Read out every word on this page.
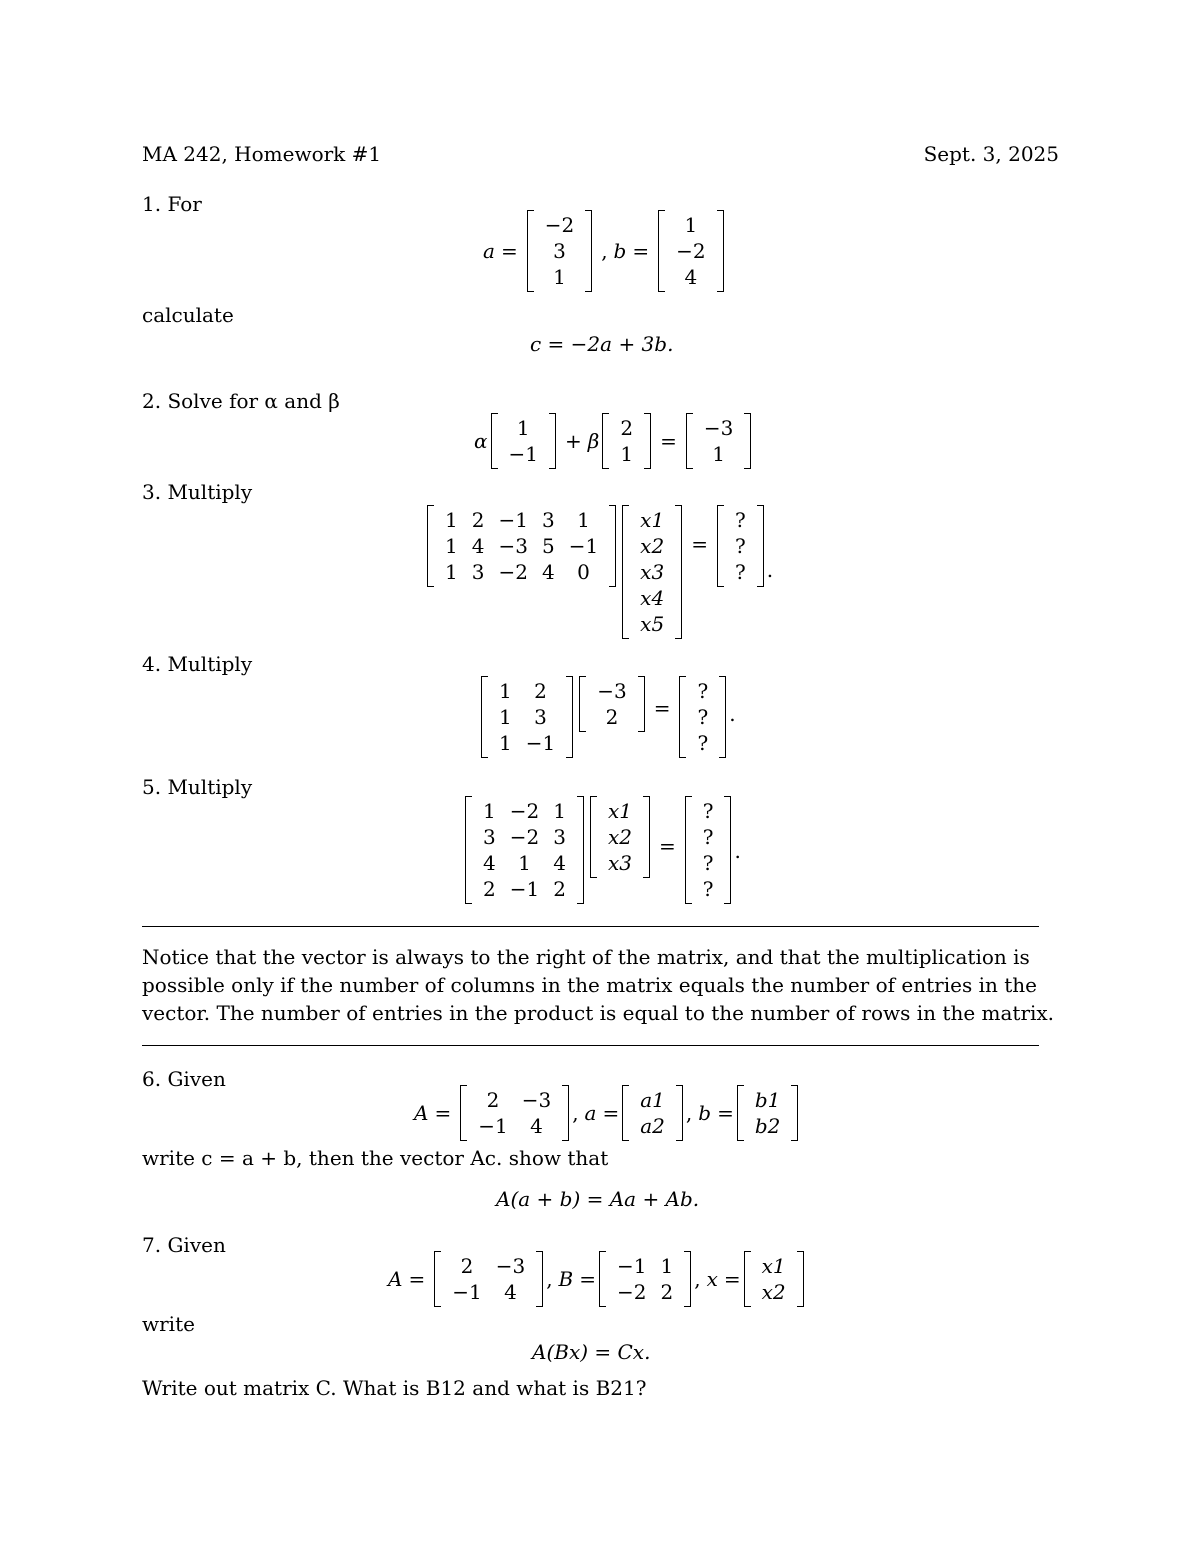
MA 242, Homework #1	Sept. 3, 2025
1. For
a =
−2
3
1
, b =
1
−2
4
calculate
c = −2a + 3b.
2. Solve for α and β
α
1
−1
+ β
2
1
=
−3
1
3. Multiply
1 2 −1 3	1
1 4 −3 5 −1
1 3 −2 4	0
x1
x2
x3
x4
x5
=
?
?
?	.
4. Multiply
1	2
1	3
1 −1
−3
2	=
?
?
?
.
5. Multiply
1 −2 1
3 −2 3
4	1	4
2 −1 2
x1
x2
x3
=
?
?
?
?
.
Notice that the vector is always to the right of the matrix, and that the multiplication is
possible only if the number of columns in the matrix equals the number of entries in the
vector. The number of entries in the product is equal to the number of rows in the matrix.
6. Given
A =
2	−3
−1	4
, a =
a1
a2
, b =
b1
b2
write c = a + b, then the vector Ac. show that
A(a + b) = Aa + Ab.
7. Given
A =
2	−3
−1	4
, B =
−1 1
−2 2
, x =
x1
x2
write
A(Bx) = Cx.
Write out matrix C. What is B12 and what is B21?
